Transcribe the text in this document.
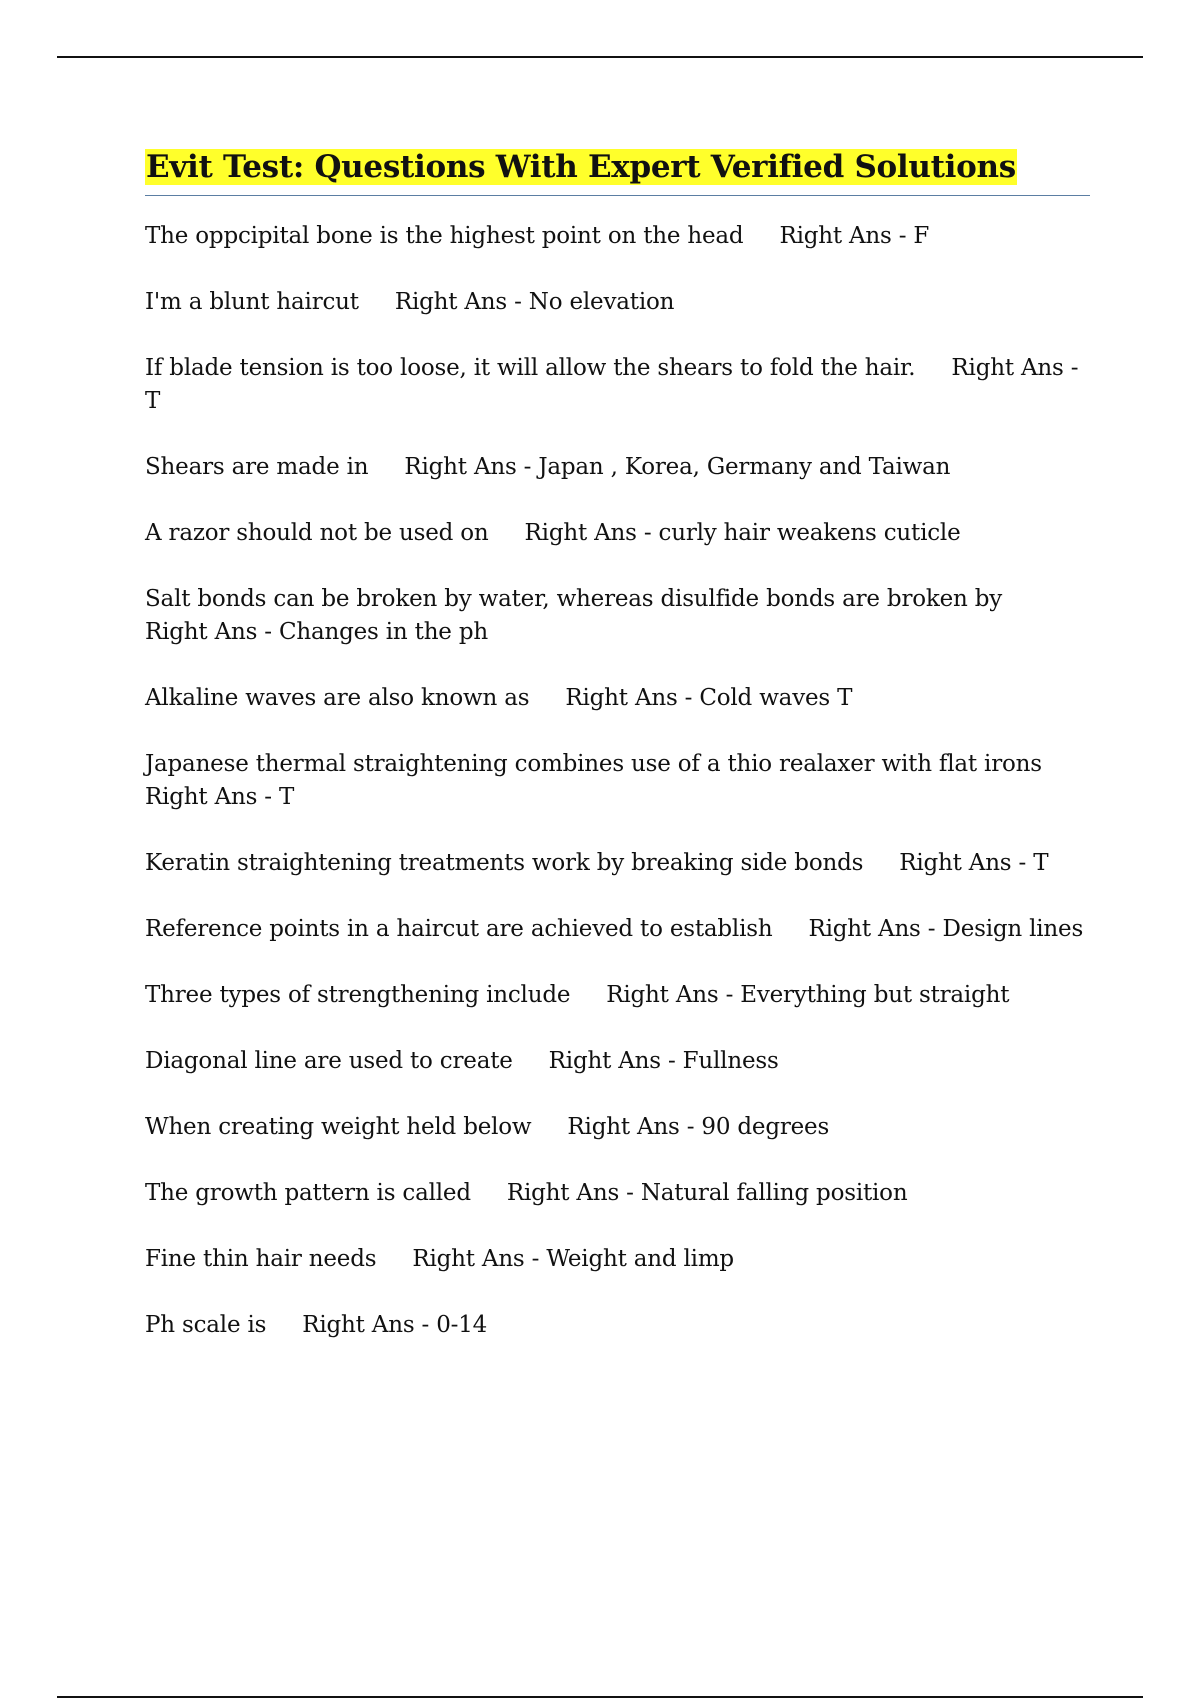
Evit Test: Questions With Expert Verified Solutions

The oppcipital bone is the highest point on the head Right Ans - F

I'm a blunt haircut Right Ans - No elevation

If blade tension is too loose, it will allow the shears to fold the hair. Right Ans - T

Shears are made in Right Ans - Japan , Korea, Germany and Taiwan

A razor should not be used on Right Ans - curly hair weakens cuticle

Salt bonds can be broken by water, whereas disulfide bonds are broken byRight Ans - Changes in the ph

Alkaline waves are also known as Right Ans - Cold waves T

Japanese thermal straightening combines use of a thio realaxer with flat ironsRight Ans - T

Keratin straightening treatments work by breaking side bonds Right Ans - T

Reference points in a haircut are achieved to establish Right Ans - Design lines

Three types of strengthening include Right Ans - Everything but straight

Diagonal line are used to create Right Ans - Fullness

When creating weight held below Right Ans - 90 degrees

The growth pattern is called Right Ans - Natural falling position

Fine thin hair needs Right Ans - Weight and limp

Ph scale is Right Ans - 0-14
